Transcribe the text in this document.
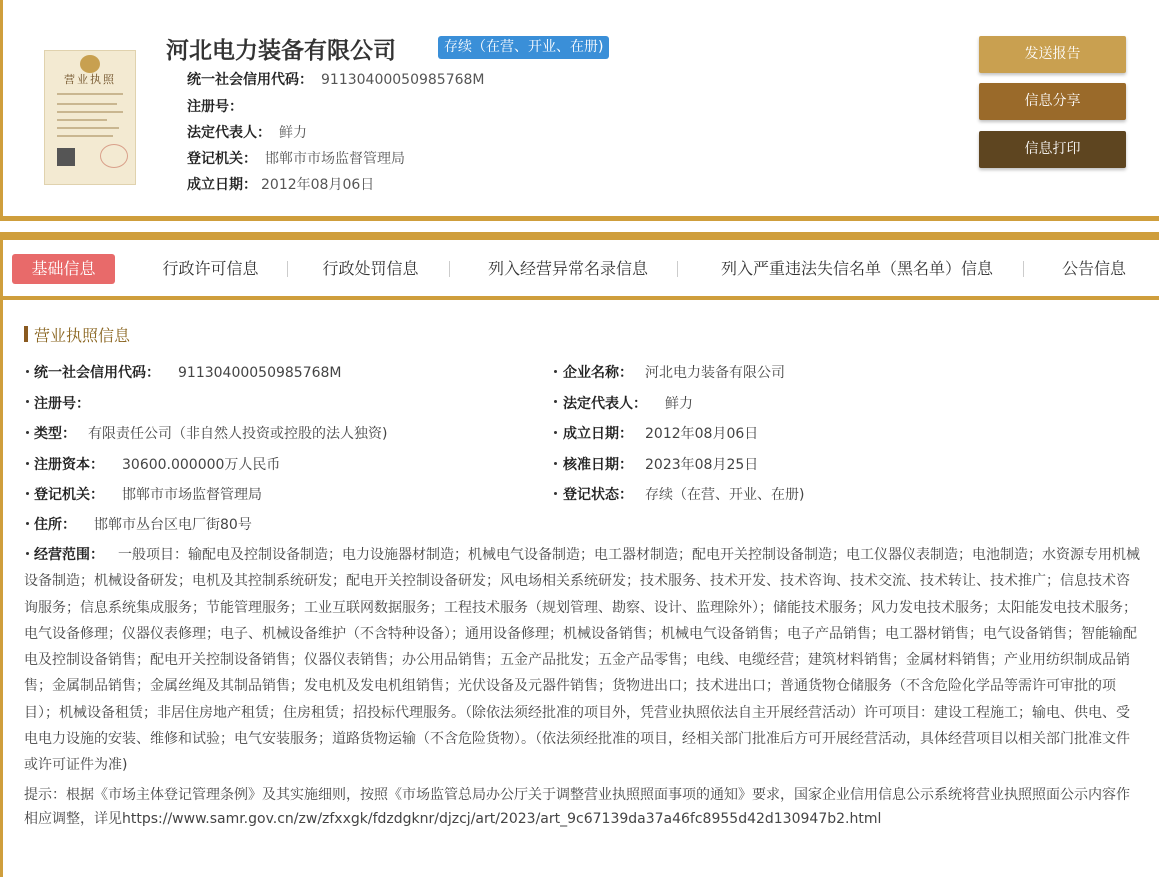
营业执照
河北电力装备有限公司	存续（在营、开业、在册)
统一社会信用代码： 91130400050985768M
注册号：
法定代表人： 鲜力
登记机关： 邯郸市市场监督管理局
成立日期： 2012年08月06日
发送报告
信息分享
信息打印
基础信息	行政许可信息	行政处罚信息	列入经营异常名录信息	列入严重违法失信名单（黑名单）信息	公告信息
营业执照信息
统一社会信用代码： 91130400050985768M	企业名称： 河北电力装备有限公司
注册号：	法定代表人： 鲜力
类型： 有限责任公司（非自然人投资或控股的法人独资)	成立日期： 2012年08月06日
注册资本： 30600.000000万人民币	核准日期： 2023年08月25日
登记机关： 邯郸市市场监督管理局	登记状态： 存续（在营、开业、在册)
住所： 邯郸市丛台区电厂街80号
经营范围： 一般项目：输配电及控制设备制造；电力设施器材制造；机械电气设备制造；电工器材制造；配电开关控制设备制造；电工仪器仪表制造；电池制造；水资源专用机械设备制造；机械设备研发；电机及其控制系统研发；配电开关控制设备研发；风电场相关系统研发；技术服务、技术开发、技术咨询、技术交流、技术转让、技术推广；信息技术咨询服务；信息系统集成服务；节能管理服务；工业互联网数据服务；工程技术服务（规划管理、勘察、设计、监理除外）；储能技术服务；风力发电技术服务；太阳能发电技术服务；电气设备修理；仪器仪表修理；电子、机械设备维护（不含特种设备）；通用设备修理；机械设备销售；机械电气设备销售；电子产品销售；电工器材销售；电气设备销售；智能输配电及控制设备销售；配电开关控制设备销售；仪器仪表销售；办公用品销售；五金产品批发；五金产品零售；电线、电缆经营；建筑材料销售；金属材料销售；产业用纺织制成品销售；金属制品销售；金属丝绳及其制品销售；发电机及发电机组销售；光伏设备及元器件销售；货物进出口；技术进出口；普通货物仓储服务（不含危险化学品等需许可审批的项目）；机械设备租赁；非居住房地产租赁；住房租赁；招投标代理服务。（除依法须经批准的项目外，凭营业执照依法自主开展经营活动）许可项目：建设工程施工；输电、供电、受电电力设施的安装、维修和试验；电气安装服务；道路货物运输（不含危险货物）。（依法须经批准的项目，经相关部门批准后方可开展经营活动，具体经营项目以相关部门批准文件或许可证件为准)
提示：根据《市场主体登记管理条例》及其实施细则，按照《市场监管总局办公厅关于调整营业执照照面事项的通知》要求，国家企业信用信息公示系统将营业执照照面公示内容作相应调整，详见https://www.samr.gov.cn/zw/zfxxgk/fdzdgknr/djzcj/art/2023/art_9c67139da37a46fc8955d42d130947b2.html
